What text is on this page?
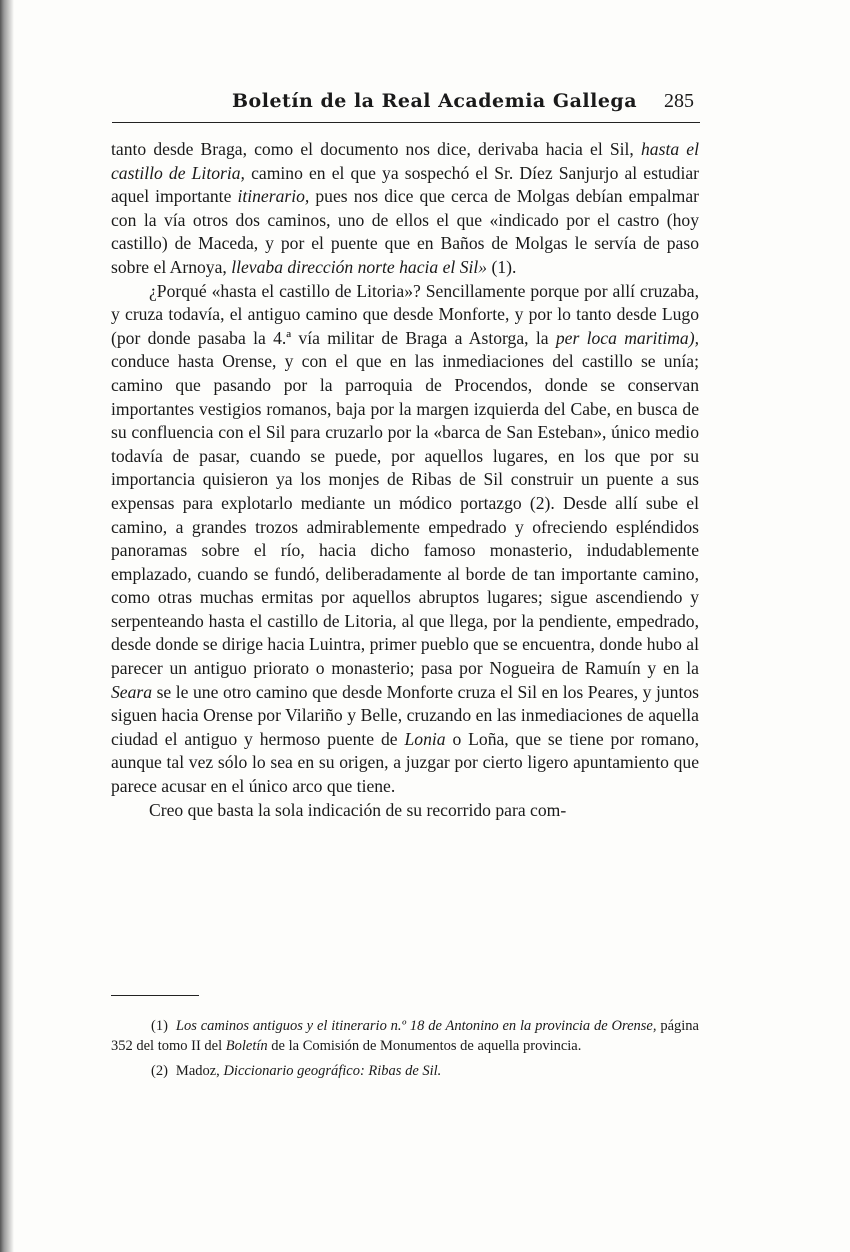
Boletín de la Real Academia Gallega 285

tanto desde Braga, como el documento nos dice, derivaba hacia el Sil, hasta el castillo de Litoria, camino en el que ya sospechó el Sr. Díez Sanjurjo al estudiar aquel importante itinerario, pues nos dice que cerca de Molgas debían empalmar con la vía otros dos caminos, uno de ellos el que «indicado por el castro (hoy castillo) de Maceda, y por el puente que en Baños de Molgas le servía de paso sobre el Arnoya, llevaba dirección norte hacia el Sil» (1).

¿Porqué «hasta el castillo de Litoria»? Sencillamente porque por allí cruzaba, y cruza todavía, el antiguo camino que desde Monforte, y por lo tanto desde Lugo (por donde pasaba la 4.ª vía militar de Braga a Astorga, la per loca maritima), conduce hasta Orense, y con el que en las inmediaciones del castillo se unía; camino que pasando por la parroquia de Procendos, donde se conservan importantes vestigios romanos, baja por la margen izquierda del Cabe, en busca de su confluencia con el Sil para cruzarlo por la «barca de San Esteban», único medio todavía de pasar, cuando se puede, por aquellos lugares, en los que por su importancia quisieron ya los monjes de Ribas de Sil construir un puente a sus expensas para explotarlo mediante un módico portazgo (2). Desde allí sube el camino, a grandes trozos admirablemente empedrado y ofreciendo espléndidos panoramas sobre el río, hacia dicho famoso monasterio, indudablemente emplazado, cuando se fundó, deliberadamente al borde de tan importante camino, como otras muchas ermitas por aquellos abruptos lugares; sigue ascendiendo y serpenteando hasta el castillo de Litoria, al que llega, por la pendiente, empedrado, desde donde se dirige hacia Luintra, primer pueblo que se encuentra, donde hubo al parecer un antiguo priorato o monasterio; pasa por Nogueira de Ramuín y en la Seara se le une otro camino que desde Monforte cruza el Sil en los Peares, y juntos siguen hacia Orense por Vilariño y Belle, cruzando en las inmediaciones de aquella ciudad el antiguo y hermoso puente de Lonia o Loña, que se tiene por romano, aunque tal vez sólo lo sea en su origen, a juzgar por cierto ligero apuntamiento que parece acusar en el único arco que tiene.

Creo que basta la sola indicación de su recorrido para com-

(1) Los caminos antiguos y el itinerario n.º 18 de Antonino en la provincia de Orense, página 352 del tomo II del Boletín de la Comisión de Monumentos de aquella provincia.

(2) Madoz, Diccionario geográfico: Ribas de Sil.
